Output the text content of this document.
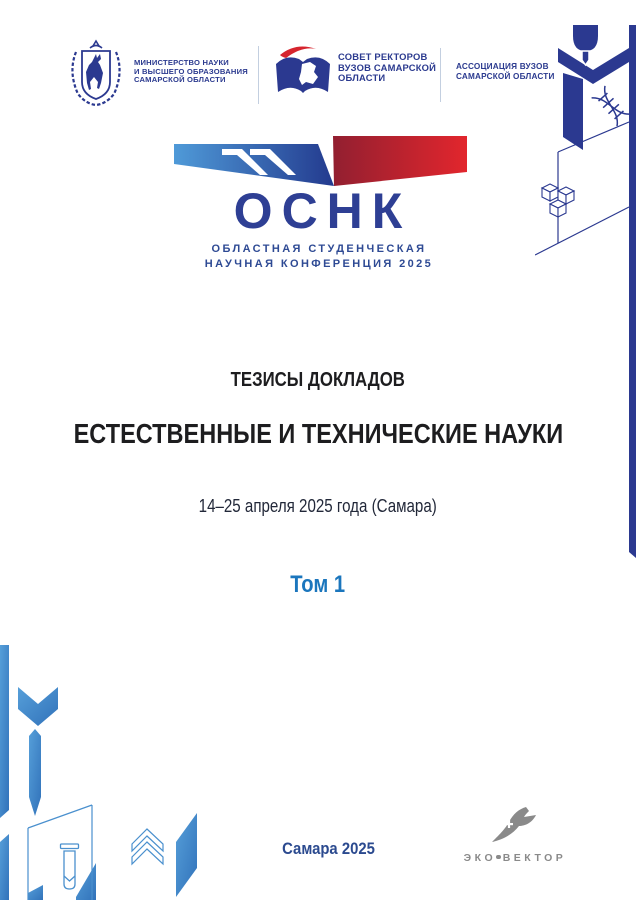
МИНИСТЕРСТВО НАУКИ
И ВЫСШЕГО ОБРАЗОВАНИЯ
САМАРСКОЙ ОБЛАСТИ
СОВЕТ РЕКТОРОВ
ВУЗОВ САМАРСКОЙ
ОБЛАСТИ
АССОЦИАЦИЯ ВУЗОВ
САМАРСКОЙ ОБЛАСТИ
ОСНК
ОБЛАСТНАЯ СТУДЕНЧЕСКАЯ
НАУЧНАЯ КОНФЕРЕНЦИЯ 2025
ТЕЗИСЫ ДОКЛАДОВ
ЕСТЕСТВЕННЫЕ И ТЕХНИЧЕСКИЕ НАУКИ
14–25 апреля 2025 года (Самара)
Том 1
Самара 2025	ЭКО ВЕКТОР
